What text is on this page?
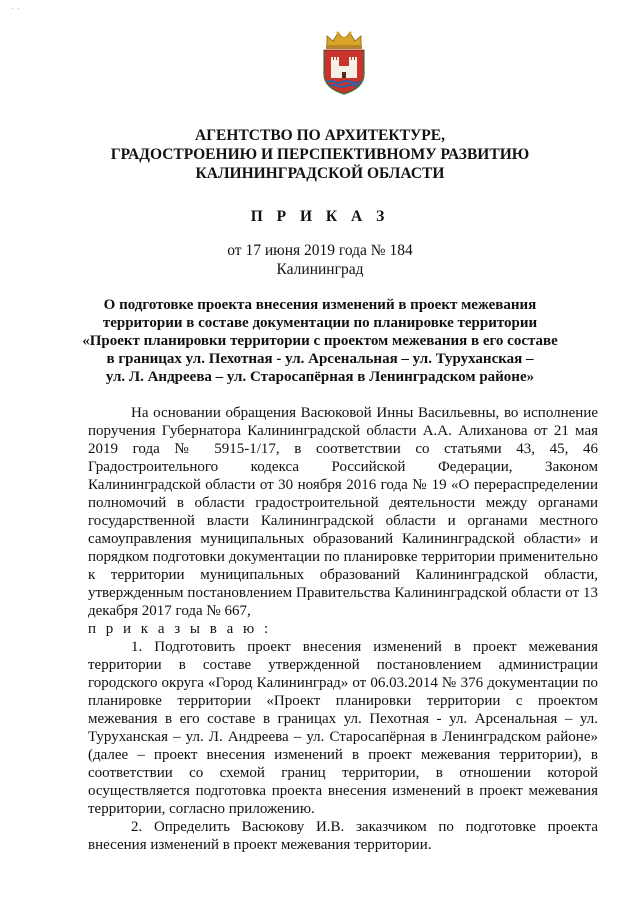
· ·
АГЕНТСТВО ПО АРХИТЕКТУРЕ,
ГРАДОСТРОЕНИЮ И ПЕРСПЕКТИВНОМУ РАЗВИТИЮ
КАЛИНИНГРАДСКОЙ ОБЛАСТИ
П Р И К А З
от 17 июня 2019 года № 184
Калининград
О подготовке проекта внесения изменений в проект межевания
территории в составе документации по планировке территории
«Проект планировки территории с проектом межевания в его составе
в границах ул. Пехотная - ул. Арсенальная – ул. Туруханская –
ул. Л. Андреева – ул. Старосапёрная в Ленинградском районе»

На основании обращения Васюковой Инны Васильевны, во исполнение поручения Губернатора Калининградской области А.А. Алиханова от 21 мая 2019 года № 5915-1/17, в соответствии со статьями 43, 45, 46 Градостроительного кодекса Российской Федерации, Законом Калининградской области от 30 ноября 2016 года № 19 «О перераспределении полномочий в области градостроительной деятельности между органами государственной власти Калининградской области и органами местного самоуправления муниципальных образований Калининградской области» и порядком подготовки документации по планировке территории применительно к территории муниципальных образований Калининградской области, утвержденным постановлением Правительства Калининградской области от 13 декабря 2017 года № 667,

п р и к а з ы в а ю :

1. Подготовить проект внесения изменений в проект межевания территории в составе утвержденной постановлением администрации городского округа «Город Калининград» от 06.03.2014 № 376 документации по планировке территории «Проект планировки территории с проектом межевания в его составе в границах ул. Пехотная - ул. Арсенальная – ул. Туруханская – ул. Л. Андреева – ул. Старосапёрная в Ленинградском районе» (далее – проект внесения изменений в проект межевания территории), в соответствии со схемой границ территории, в отношении которой осуществляется подготовка проекта внесения изменений в проект межевания территории, согласно приложению.

2. Определить Васюкову И.В. заказчиком по подготовке проекта внесения изменений в проект межевания территории.
